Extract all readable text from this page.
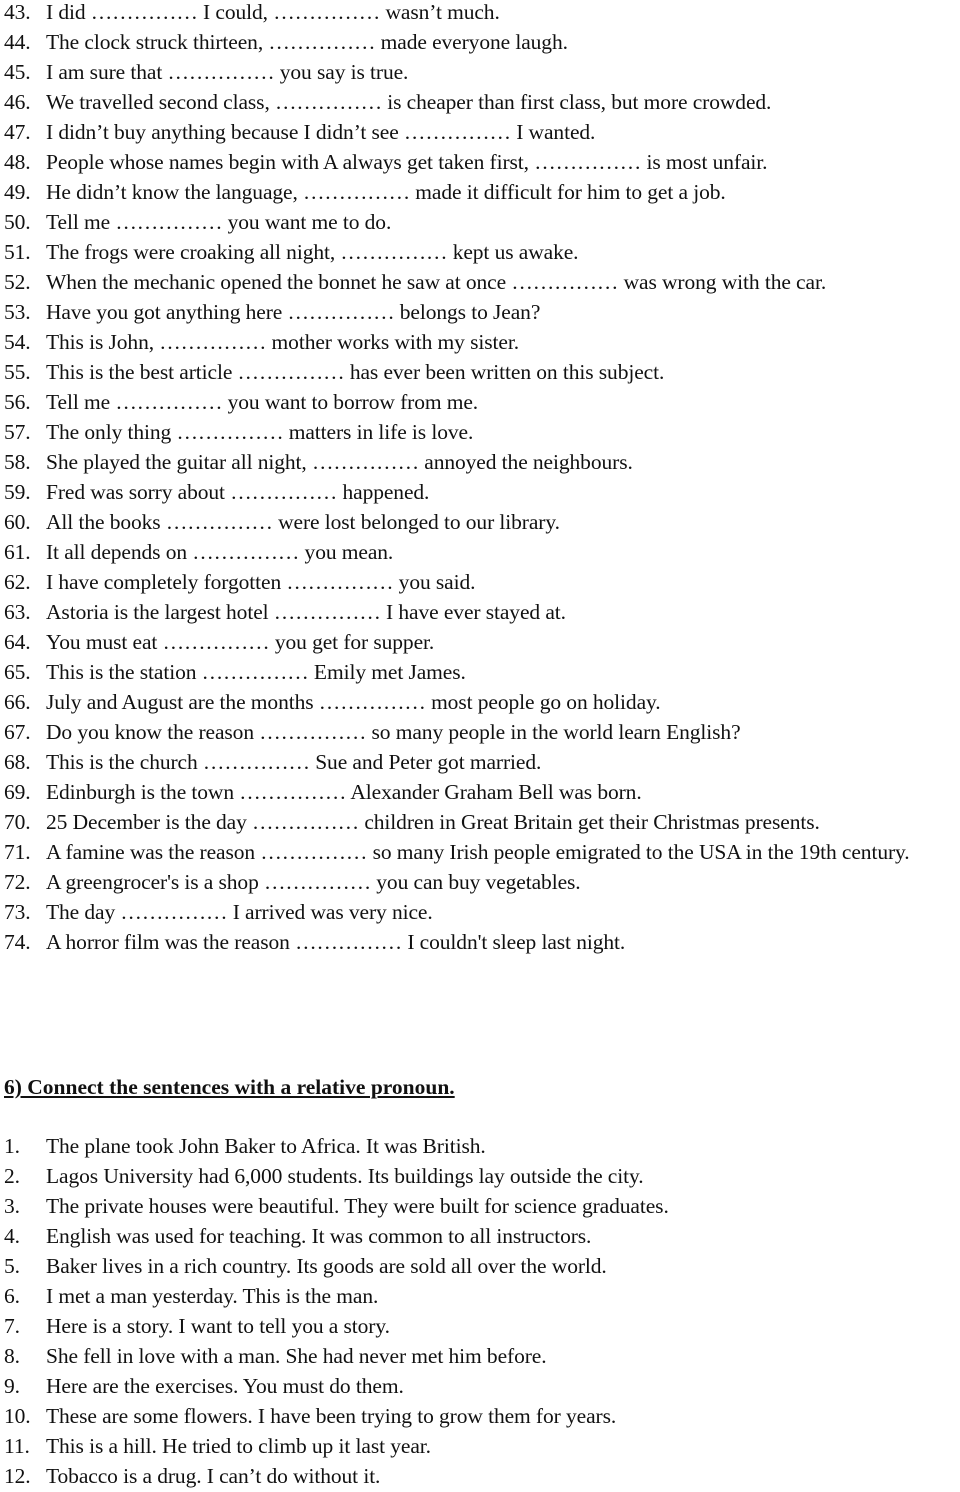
43. I did …………… I could, …………… wasn’t much.
44. The clock struck thirteen, …………… made everyone laugh.
45. I am sure that …………… you say is true.
46. We travelled second class, …………… is cheaper than first class, but more crowded.
47. I didn’t buy anything because I didn’t see …………… I wanted.
48. People whose names begin with A always get taken first, …………… is most unfair.
49. He didn’t know the language, …………… made it difficult for him to get a job.
50. Tell me …………… you want me to do.
51. The frogs were croaking all night, …………… kept us awake.
52. When the mechanic opened the bonnet he saw at once …………… was wrong with the car.
53. Have you got anything here …………… belongs to Jean?
54. This is John, …………… mother works with my sister.
55. This is the best article …………… has ever been written on this subject.
56. Tell me …………… you want to borrow from me.
57. The only thing …………… matters in life is love.
58. She played the guitar all night, …………… annoyed the neighbours.
59. Fred was sorry about …………… happened.
60. All the books …………… were lost belonged to our library.
61. It all depends on …………… you mean.
62. I have completely forgotten …………… you said.
63. Astoria is the largest hotel …………… I have ever stayed at.
64. You must eat …………… you get for supper.
65. This is the station …………… Emily met James.
66. July and August are the months …………… most people go on holiday.
67. Do you know the reason …………… so many people in the world learn English?
68. This is the church …………… Sue and Peter got married.
69. Edinburgh is the town …………… Alexander Graham Bell was born.
70. 25 December is the day …………… children in Great Britain get their Christmas presents.
71. A famine was the reason …………… so many Irish people emigrated to the USA in the 19th century.
72. A greengrocer's is a shop …………… you can buy vegetables.
73. The day …………… I arrived was very nice.
74. A horror film was the reason …………… I couldn't sleep last night.
6) Connect the sentences with a relative pronoun.
1.	The plane took John Baker to Africa. It was British.
2.	Lagos University had 6,000 students. Its buildings lay outside the city.
3.	The private houses were beautiful. They were built for science graduates.
4.	English was used for teaching. It was common to all instructors.
5.	Baker lives in a rich country. Its goods are sold all over the world.
6.	I met a man yesterday. This is the man.
7.	Here is a story. I want to tell you a story.
8.	She fell in love with a man. She had never met him before.
9.	Here are the exercises. You must do them.
10. These are some flowers. I have been trying to grow them for years.
11. This is a hill. He tried to climb up it last year.
12. Tobacco is a drug. I can’t do without it.
